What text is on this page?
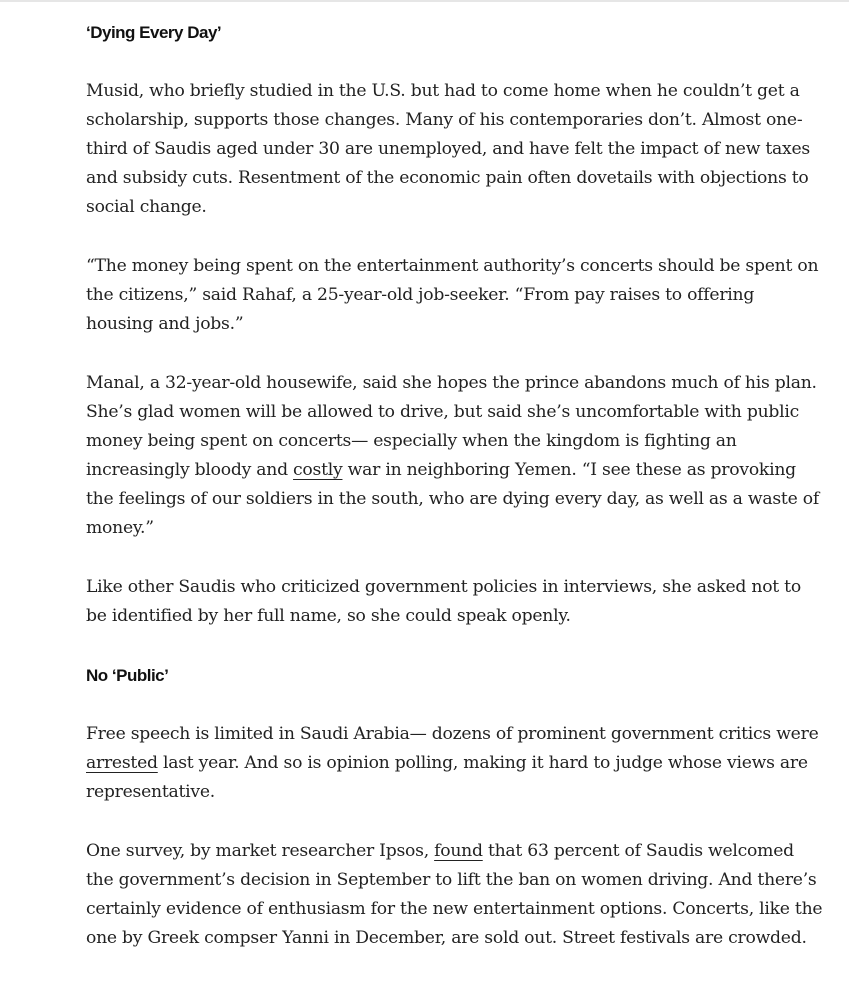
‘Dying Every Day’

Musid, who briefly studied in the U.S. but had to come home when he couldn’t get a scholarship, supports those changes. Many of his contemporaries don’t. Almost one-third of Saudis aged under 30 are unemployed, and have felt the impact of new taxes and subsidy cuts. Resentment of the economic pain often dovetails with objections to social change.

“The money being spent on the entertainment authority’s concerts should be spent on the citizens,” said Rahaf, a 25-year-old job-seeker. “From pay raises to offering housing and jobs.”

Manal, a 32-year-old housewife, said she hopes the prince abandons much of his plan. She’s glad women will be allowed to drive, but said she’s uncomfortable with public money being spent on concerts— especially when the kingdom is fighting an increasingly bloody and costly war in neighboring Yemen. “I see these as provoking the feelings of our soldiers in the south, who are dying every day, as well as a waste of money.”

Like other Saudis who criticized government policies in interviews, she asked not to be identified by her full name, so she could speak openly.

No ‘Public’

Free speech is limited in Saudi Arabia— dozens of prominent government critics were arrested last year. And so is opinion polling, making it hard to judge whose views are representative.

One survey, by market researcher Ipsos, found that 63 percent of Saudis welcomed the government’s decision in September to lift the ban on women driving. And there’s certainly evidence of enthusiasm for the new entertainment options. Concerts, like the one by Greek compser Yanni in December, are sold out. Street festivals are crowded.
